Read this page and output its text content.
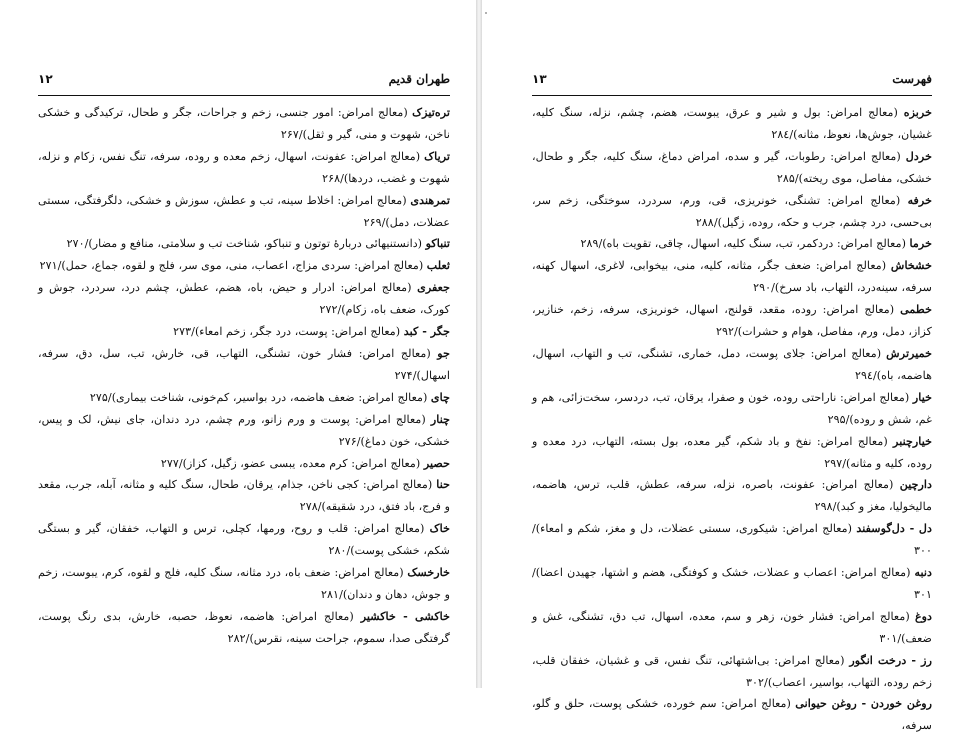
طهران قدیم
۱۲

ترەتیزک (معالج امراض: امور جنسی، زخم و جراحات، جگر و طحال، ترکیدگی و خشکی ناخن، شهوت و منی، گیر و ثقل)/۲۶۷

تریاک (معالج امراض: عفونت، اسهال، زخم معده و روده، سرفه، تنگ نفس، زکام و نزله، شهوت و غضب، دردها)/۲۶۸

تمرهندی (معالج امراض: اخلاط سینه، تب و عطش، سوزش و خشکی، دلگرفتگی، سستی عضلات، دمل)/۲۶۹

تنباکو (دانستنیهائی دربارهٔ توتون و تنباکو، شناخت تب و سلامتی، منافع و مضار)/۲۷۰

ثعلب (معالج امراض: سردی مزاج، اعصاب، منی، موی سر، فلج و لقوه، جماع، حمل)/۲۷۱

جعفری (معالج امراض: ادرار و حیض، باه، هضم، عطش، چشم درد، سردرد، جوش و کورک، ضعف باه، زکام)/۲۷۲

جگر - کبد (معالج امراض: پوست، درد جگر، زخم امعاء)/۲۷۳

جو (معالج امراض: فشار خون، تشنگی، التهاب، قی، خارش، تب، سل، دق، سرفه، اسهال)/۲۷۴

چای (معالج امراض: ضعف هاضمه، درد بواسیر، کم‌خونی، شناخت بیماری)/۲۷۵

چنار (معالج امراض: پوست و ورم زانو، ورم چشم، درد دندان، جای نیش، لک و پیس، خشکی، خون دماغ)/۲۷۶

حصیر (معالج امراض: کرم معده، یبسی عضو، زگیل، کزاز)/۲۷۷

حنا (معالج امراض: کجی ناخن، جذام، یرقان، طحال، سنگ کلیه و مثانه، آبله، جرب، مقعد و فرج، باد فتق، درد شقیقه)/۲۷۸

خاک (معالج امراض: قلب و روح، ورمها، کچلی، ترس و التهاب، خفقان، گیر و بستگی شکم، خشکی پوست)/۲۸۰

خارخسک (معالج امراض: ضعف باه، درد مثانه، سنگ کلیه، فلج و لقوه، کرم، یبوست، زخم و جوش، دهان و دندان)/۲۸۱

خاکشی - خاکشیر (معالج امراض: هاضمه، نعوظ، حصبه، خارش، بدی رنگ پوست، گرفتگی صدا، سموم، جراحت سینه، نقرس)/۲۸۲

فهرست
۱۳

خربزه (معالج امراض: بول و شیر و عرق، یبوست، هضم، چشم، نزله، سنگ کلیه، غشیان، جوش‌ها، نعوظ، مثانه)/۲۸٤

خردل (معالج امراض: رطوبات، گیر و سده، امراض دماغ، سنگ کلیه، جگر و طحال، خشکی، مفاصل، موی ریخته)/۲۸۵

خرفه (معالج امراض: تشنگی، خونریزی، قی، ورم، سردرد، سوختگی، زخم سر، بی‌حسی، درد چشم، جرب و حکه، روده، زگیل)/۲۸۸

خرما (معالج امراض: دردکمر، تب، سنگ کلیه، اسهال، چاقی، تقویت باه)/۲۸۹

خشخاش (معالج امراض: ضعف جگر، مثانه، کلیه، منی، بیخوابی، لاغری، اسهال کهنه، سرفه، سینه‌درد، التهاب، باد سرخ)/۲۹۰

خطمی (معالج امراض: روده، مقعد، قولنج، اسهال، خونریزی، سرفه، زخم، خنازیر، کزاز، دمل، ورم، مفاصل، هوام و حشرات)/۲۹۲

خمیرترش (معالج امراض: جلای پوست، دمل، خماری، تشنگی، تب و التهاب، اسهال، هاضمه، باه)/۲۹٤

خیار (معالج امراض: ناراحتی روده، خون و صفرا، یرقان، تب، دردسر، سخت‌زائی، هم و غم، شش و روده)/۲۹۵

خیارچنبر (معالج امراض: نفخ و باد شکم، گیر معده، بول بسته، التهاب، درد معده و روده، کلیه و مثانه)/۲۹۷

دارچین (معالج امراض: عفونت، باصره، نزله، سرفه، عطش، قلب، ترس، هاضمه، مالیخولیا، مغز و کبد)/۲۹۸

دل - دل‌گوسفند (معالج امراض: شیکوری، سستی عضلات، دل و مغز، شکم و امعاء)/۳۰۰

دنبه (معالج امراض: اعصاب و عضلات، خشک و کوفتگی، هضم و اشتها، جهیدن اعضا)/۳۰۱

دوغ (معالج امراض: فشار خون، زهر و سم، معده، اسهال، تب دق، تشنگی، غش و ضعف)/۳۰۱

رز - درخت انگور (معالج امراض: بی‌اشتهائی، تنگ نفس، قی و غشیان، خفقان قلب، زخم روده، التهاب، بواسیر، اعصاب)/۳۰۲

روغن خوردن - روغن حیوانی (معالج امراض: سم خورده، خشکی پوست، حلق و گلو، سرفه،
